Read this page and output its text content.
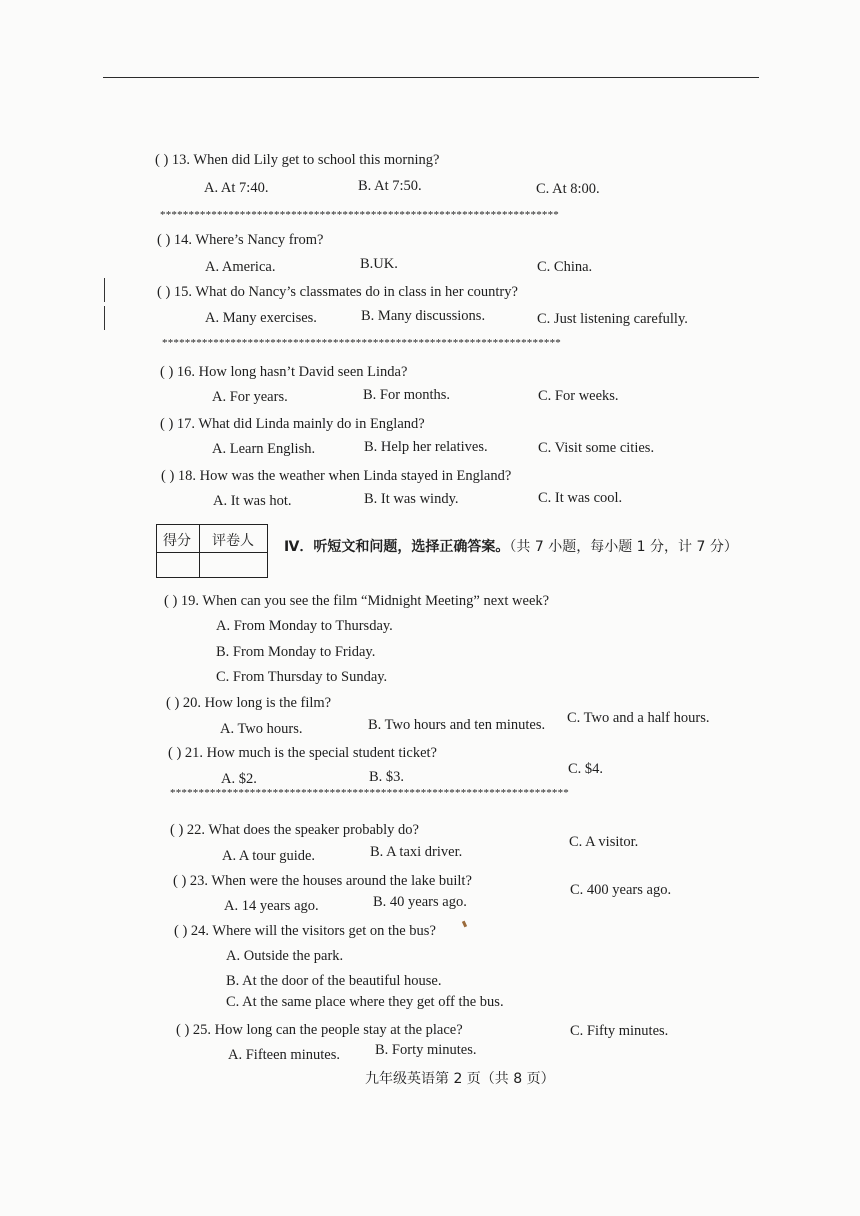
( ) 13. When did Lily get to school this morning?
A. At 7:40.	B. At 7:50.	C. At 8:00.
**********************************************************************
( ) 14. Where’s Nancy from?
A. America.	B.UK.	C. China.
( ) 15. What do Nancy’s classmates do in class in her country?
A. Many exercises.	B. Many discussions.	C. Just listening carefully.
**********************************************************************
( ) 16. How long hasn’t David seen Linda?
A. For years.	B. For months.	C. For weeks.
( ) 17. What did Linda mainly do in England?
A. Learn English.	B. Help her relatives.	C. Visit some cities.
( ) 18. How was the weather when Linda stayed in England?
A. It was hot.	B. It was windy.	C. It was cool.
得分 评卷人 Ⅳ．听短文和问题，选择正确答案。（共 7 小题，每小题 1 分，计 7 分）
( ) 19. When can you see the film “Midnight Meeting” next week?
A. From Monday to Thursday.
B. From Monday to Friday.
C. From Thursday to Sunday.
( ) 20. How long is the film?
A. Two hours.	B. Two hours and ten minutes. C. Two and a half hours.
( ) 21. How much is the special student ticket?
A. $2.	B. $3.	C. $4.
**********************************************************************
( ) 22. What does the speaker probably do?
A. A tour guide.	B. A taxi driver.
C. A visitor.
( ) 23. When were the houses around the lake built?
A. 14 years ago.	B. 40 years ago.
C. 400 years ago.
( ) 24. Where will the visitors get on the bus?
A. Outside the park.
B. At the door of the beautiful house.
C. At the same place where they get off the bus.
( ) 25. How long can the people stay at the place?
A. Fifteen minutes. B. Forty minutes.
C. Fifty minutes.
九年级英语第 2 页（共 8 页）
